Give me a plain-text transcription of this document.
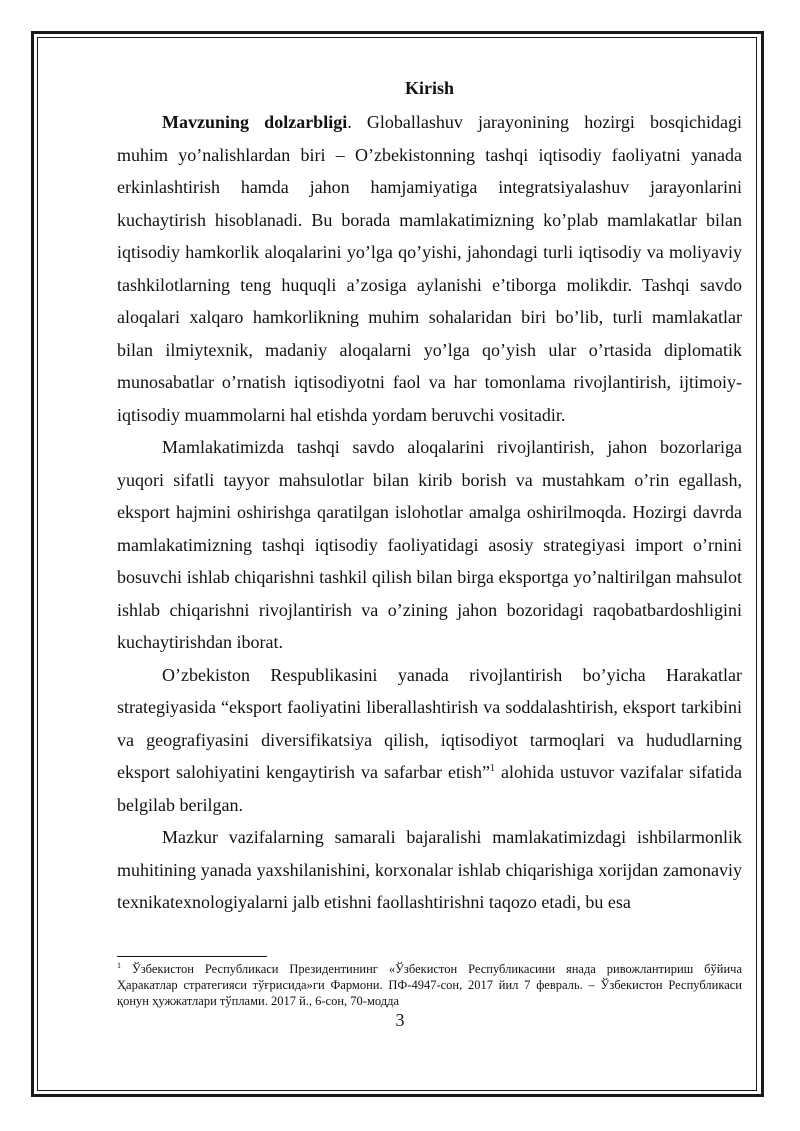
Kirish

Mavzuning dolzarbligi. Globallashuv jarayonining hozirgi bosqichidagi muhim yo’nalishlardan biri – O’zbekistonning tashqi iqtisodiy faoliyatni yanada erkinlashtirish hamda jahon hamjamiyatiga integratsiyalashuv jarayonlarini kuchaytirish hisoblanadi. Bu borada mamlakatimizning ko’plab mamlakatlar bilan iqtisodiy hamkorlik aloqalarini yo’lga qo’yishi, jahondagi turli iqtisodiy va moliyaviy tashkilotlarning teng huquqli a’zosiga aylanishi e’tiborga molikdir. Tashqi savdo aloqalari xalqaro hamkorlikning muhim sohalaridan biri bo’lib, turli mamlakatlar bilan ilmiytexnik, madaniy aloqalarni yo’lga qo’yish ular o’rtasida diplomatik munosabatlar o’rnatish iqtisodiyotni faol va har tomonlama rivojlantirish, ijtimoiy-iqtisodiy muammolarni hal etishda yordam beruvchi vositadir.

Mamlakatimizda tashqi savdo aloqalarini rivojlantirish, jahon bozorlariga yuqori sifatli tayyor mahsulotlar bilan kirib borish va mustahkam o’rin egallash, eksport hajmini oshirishga qaratilgan islohotlar amalga oshirilmoqda. Hozirgi davrda mamlakatimizning tashqi iqtisodiy faoliyatidagi asosiy strategiyasi import o’rnini bosuvchi ishlab chiqarishni tashkil qilish bilan birga eksportga yo’naltirilgan mahsulot ishlab chiqarishni rivojlantirish va o’zining jahon bozoridagi raqobatbardoshligini kuchaytirishdan iborat.

O’zbekiston Respublikasini yanada rivojlantirish bo’yicha Harakatlar strategiyasida “eksport faoliyatini liberallashtirish va soddalashtirish, eksport tarkibini va geografiyasini diversifikatsiya qilish, iqtisodiyot tarmoqlari va hududlarning eksport salohiyatini kengaytirish va safarbar etish”$^1$ alohida ustuvor vazifalar sifatida belgilab berilgan.

Mazkur vazifalarning samarali bajaralishi mamlakatimizdagi ishbilarmonlik muhitining yanada yaxshilanishini, korxonalar ishlab chiqarishiga xorijdan zamonaviy texnikatexnologiyalarni jalb etishni faollashtirishni taqozo etadi, bu esa

$^1$ Ўзбекистон Республикаси Президентининг «Ўзбекистон Республикасини янада ривожлантириш бўйича Ҳаракатлар стратегияси тўғрисида»ги Фармони. ПФ-4947-сон, 2017 йил 7 февраль. – Ўзбекистон Республикаси қонун ҳужжатлари тўплами. 2017 й., 6-сон, 70-модда
3
